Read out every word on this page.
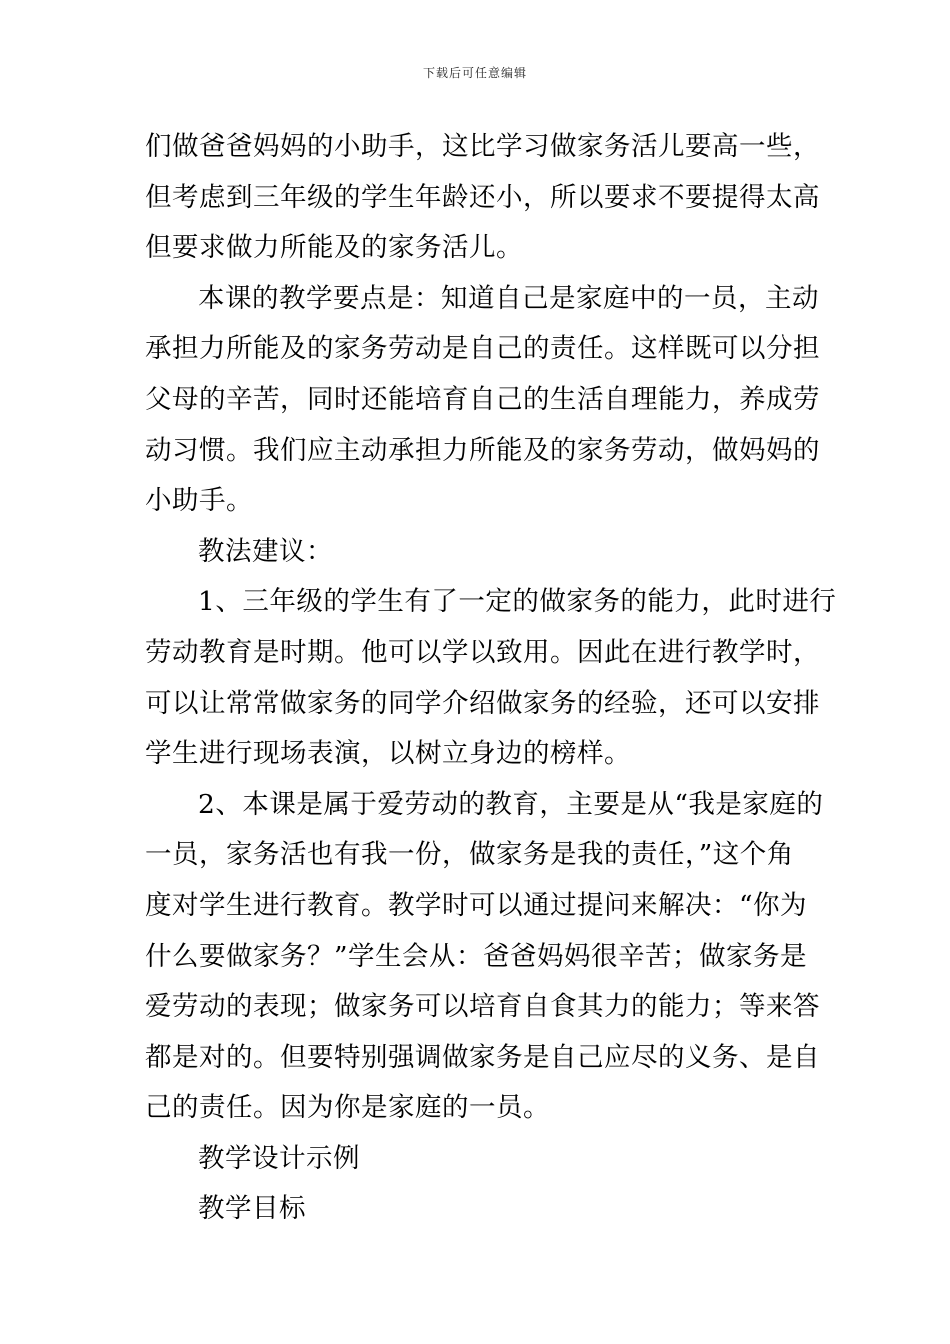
下载后可任意编辑
们做爸爸妈妈的小助手，这比学习做家务活儿要高一些，
但考虑到三年级的学生年龄还小，所以要求不要提得太高
但要求做力所能及的家务活儿。
本课的教学要点是：知道自己是家庭中的一员，主动
承担力所能及的家务劳动是自己的责任。这样既可以分担
父母的辛苦，同时还能培育自己的生活自理能力，养成劳
动习惯。我们应主动承担力所能及的家务劳动，做妈妈的
小助手。
教法建议：
1、三年级的学生有了一定的做家务的能力，此时进行
劳动教育是时期。他可以学以致用。因此在进行教学时，
可以让常常做家务的同学介绍做家务的经验，还可以安排
学生进行现场表演，以树立身边的榜样。
2、本课是属于爱劳动的教育，主要是从“我是家庭的
一员，家务活也有我一份，做家务是我的责任，”这个角
度对学生进行教育。教学时可以通过提问来解决：“你为
什么要做家务？”学生会从：爸爸妈妈很辛苦；做家务是
爱劳动的表现；做家务可以培育自食其力的能力；等来答
都是对的。但要特别强调做家务是自己应尽的义务、是自
己的责任。因为你是家庭的一员。
教学设计示例
教学目标
